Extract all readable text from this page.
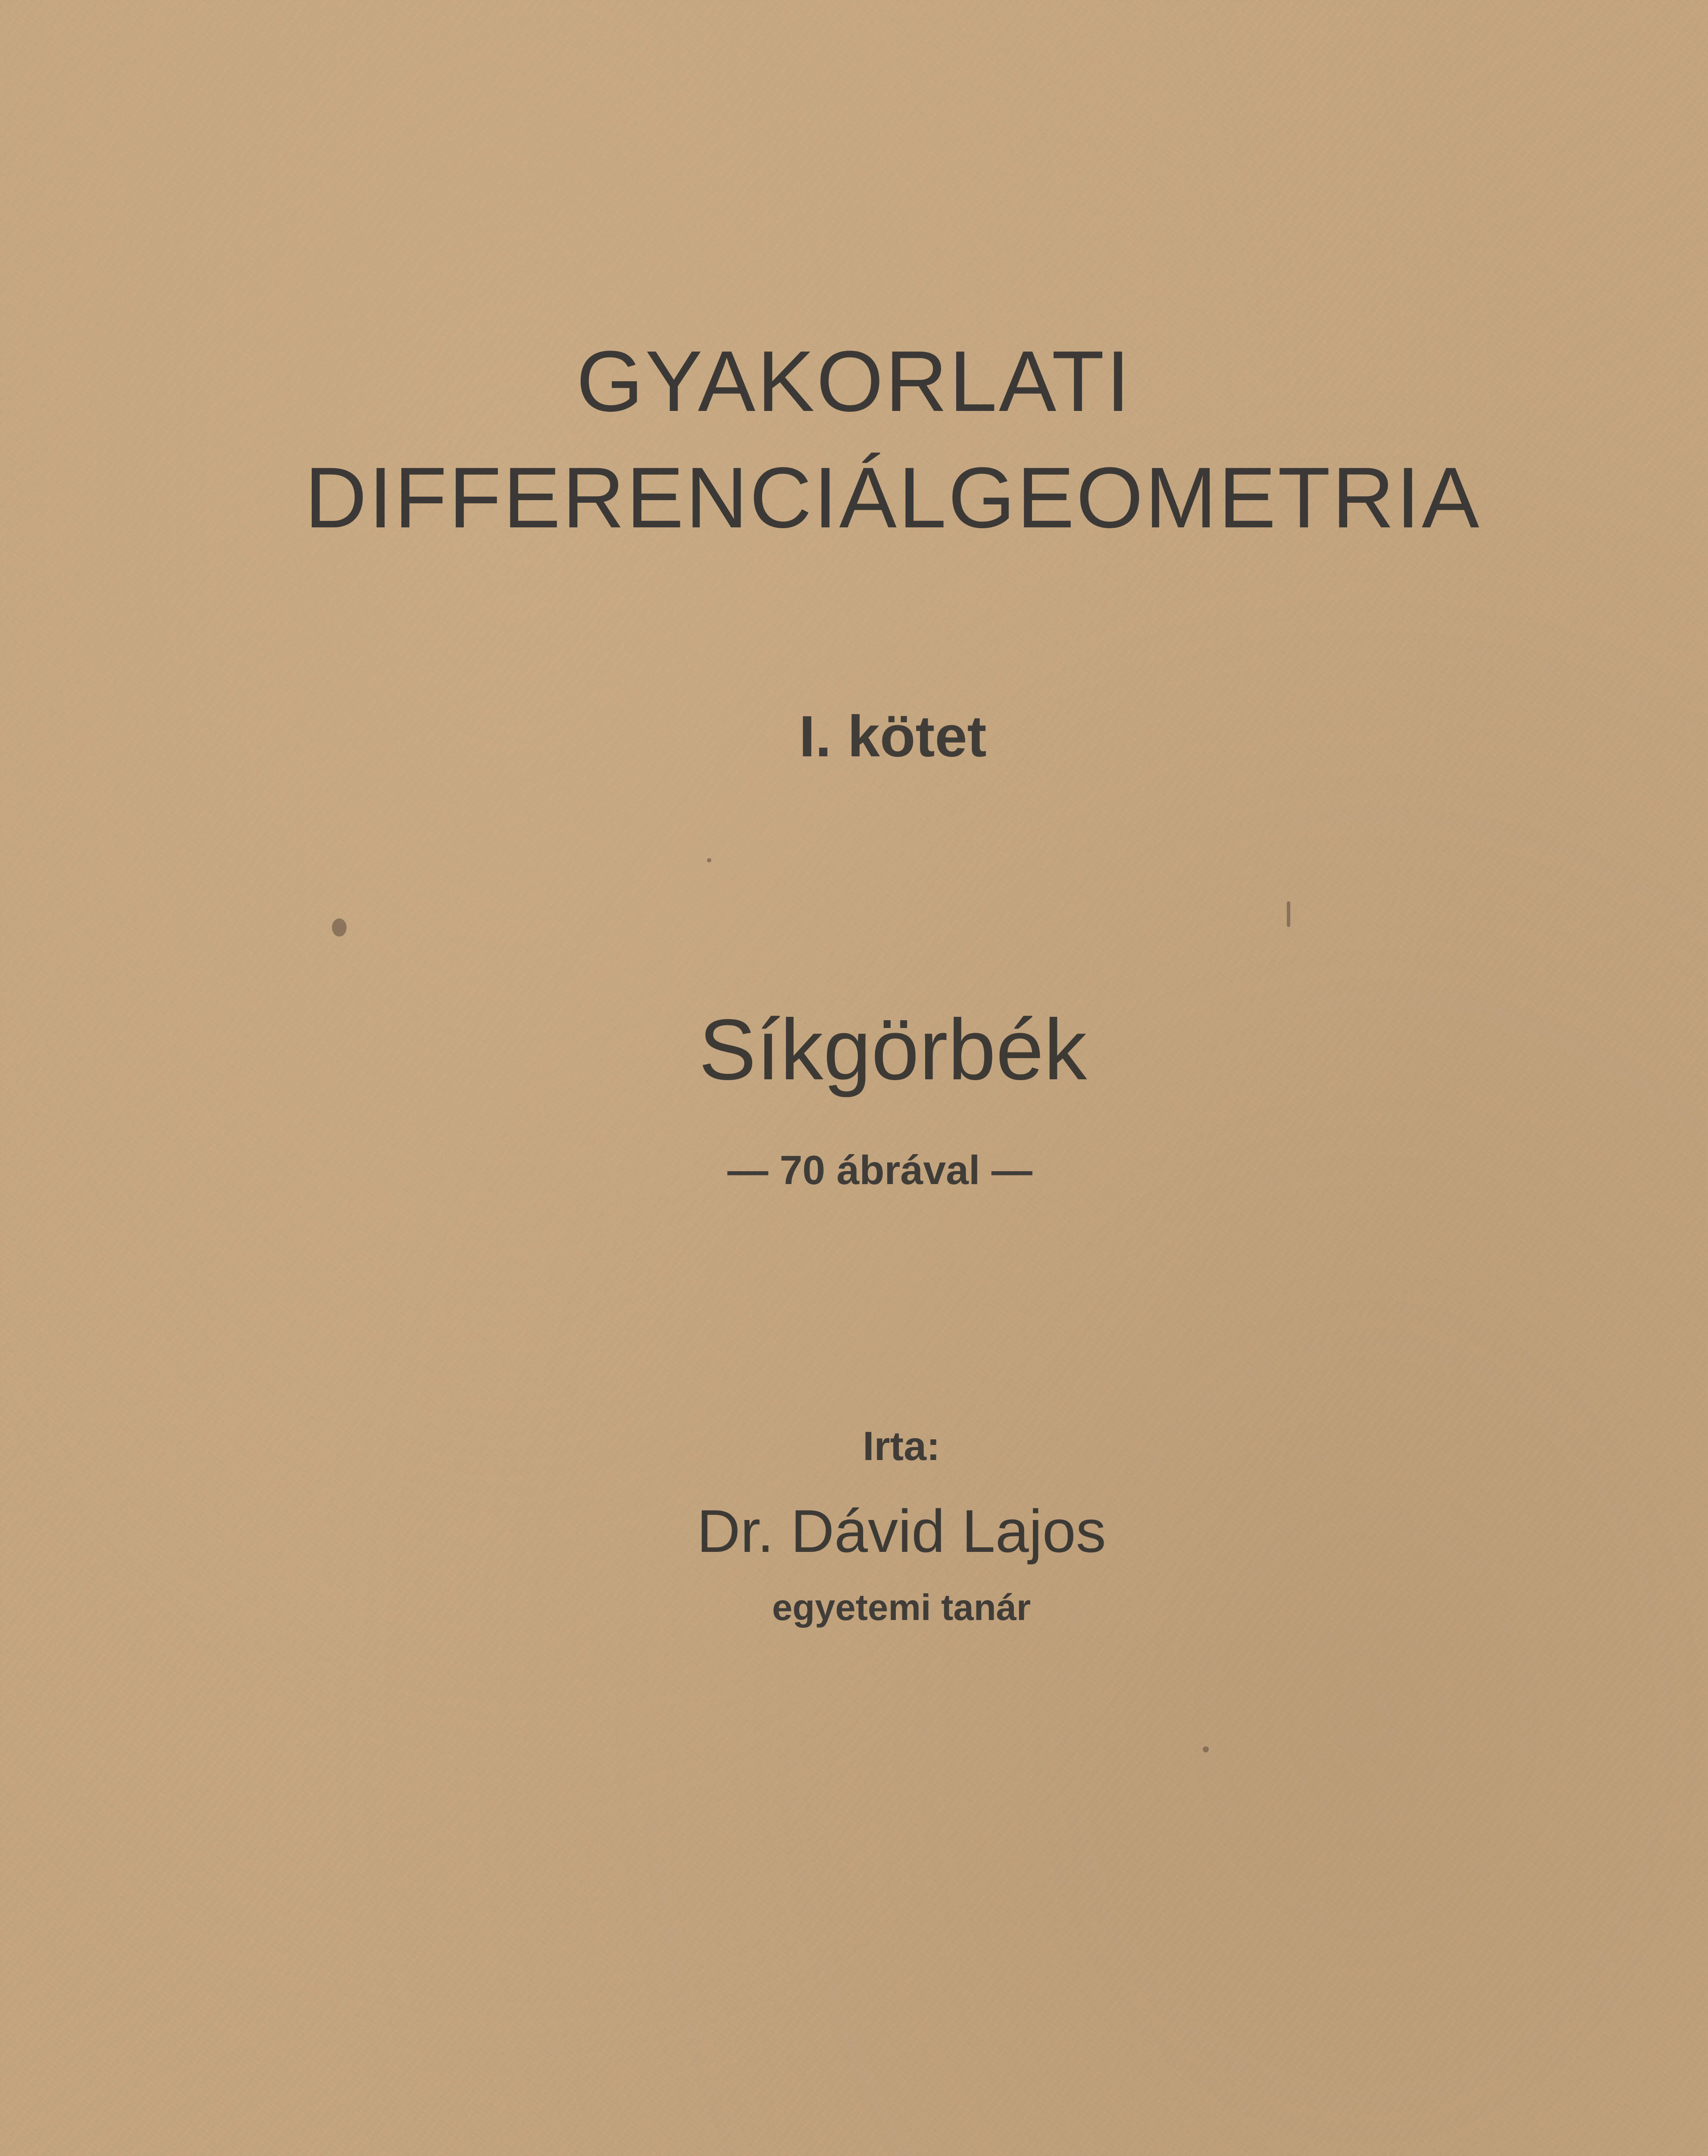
GYAKORLATI
DIFFERENCIÁLGEOMETRIA
I. kötet
Síkgörbék
— 70 ábrával —
Irta:
Dr. Dávid Lajos
egyetemi tanár
